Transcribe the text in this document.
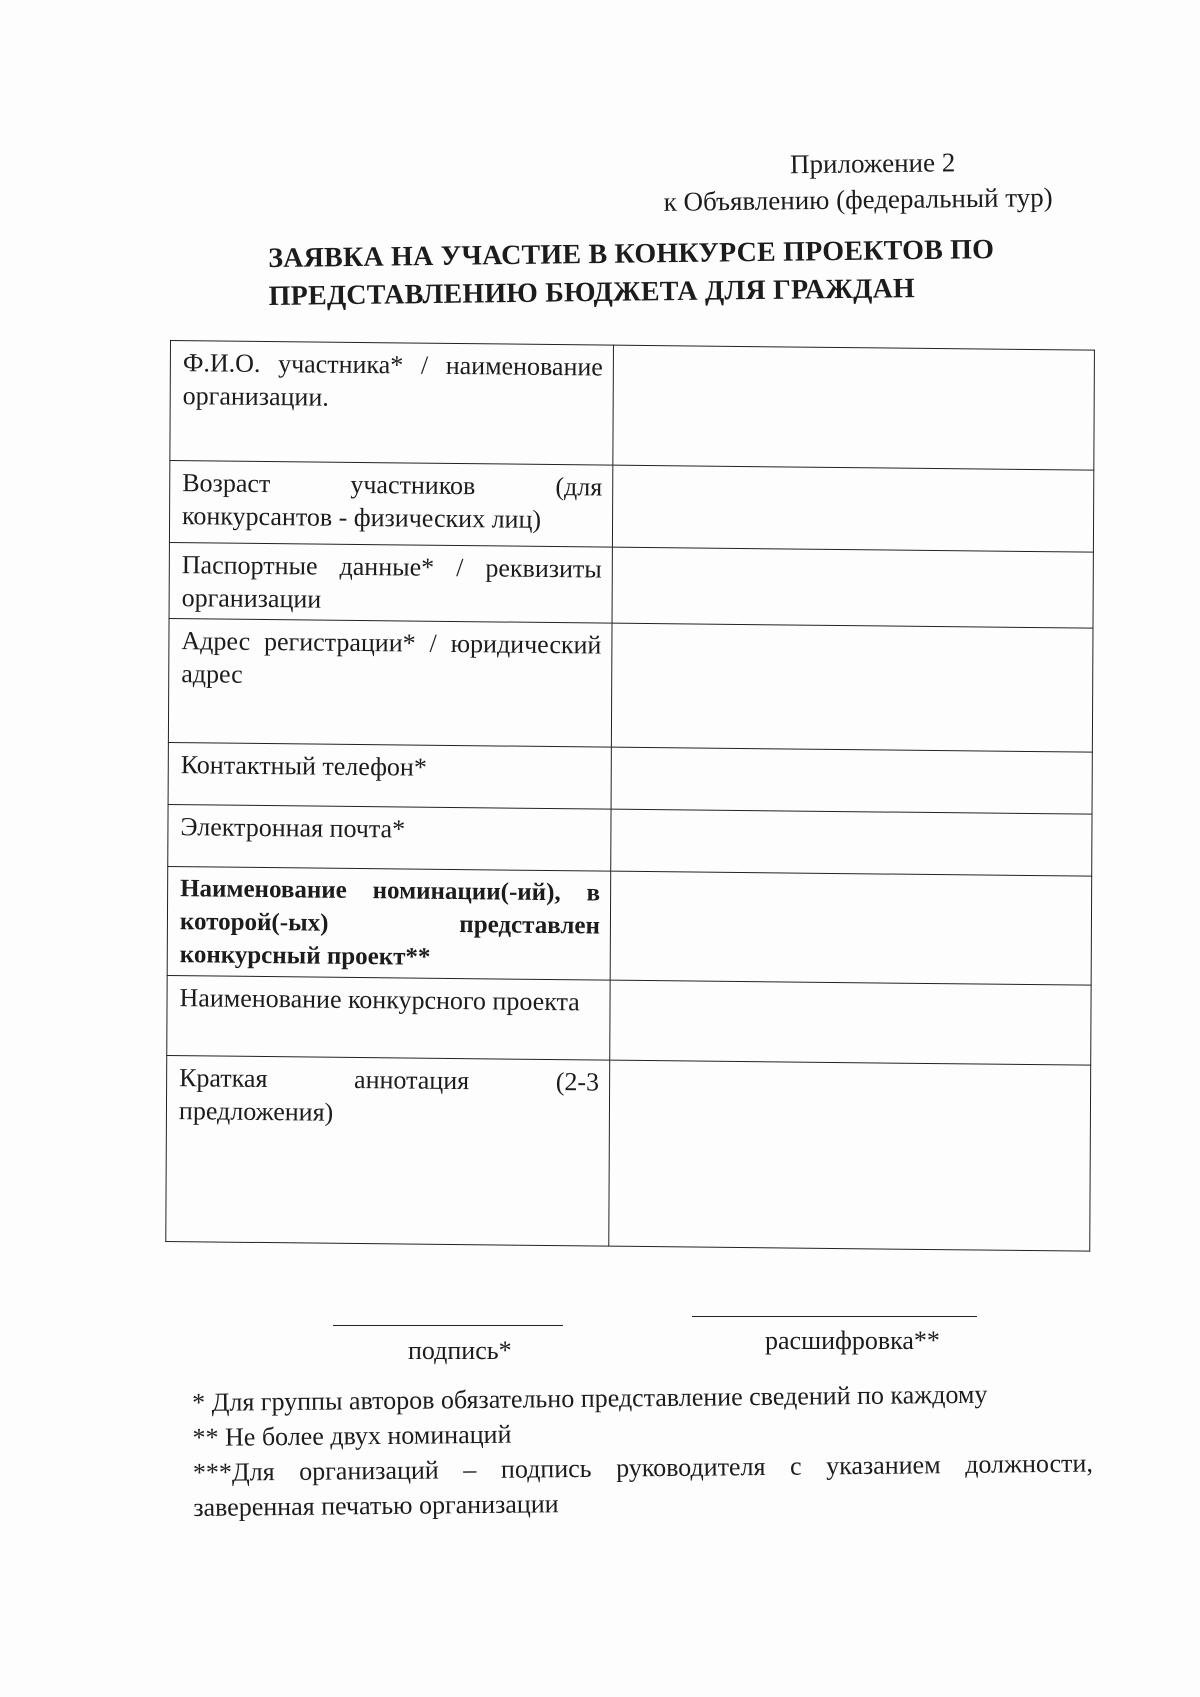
Приложение 2
к Объявлению (федеральный тур)
ЗАЯВКА НА УЧАСТИЕ В КОНКУРСЕ ПРОЕКТОВ ПО
ПРЕДСТАВЛЕНИЮ БЮДЖЕТА ДЛЯ ГРАЖДАН
Ф.И.О. участника* / наименование организации.	
Возраст участников (для конкурсантов - физических лиц)	
Паспортные данные* / реквизиты организации	
Адрес регистрации* / юридический адрес	
Контактный телефон*	
Электронная почта*	
Наименование номинации(-ий), в которой(-ых) представлен конкурсный проект**	
Наименование конкурсного проекта	
Краткая аннотация (2-3 предложения)	
подпись*	расшифровка**

* Для группы авторов обязательно представление сведений по каждому

** Не более двух номинаций

***Для организаций – подпись руководителя с указанием должности, заверенная печатью организации
